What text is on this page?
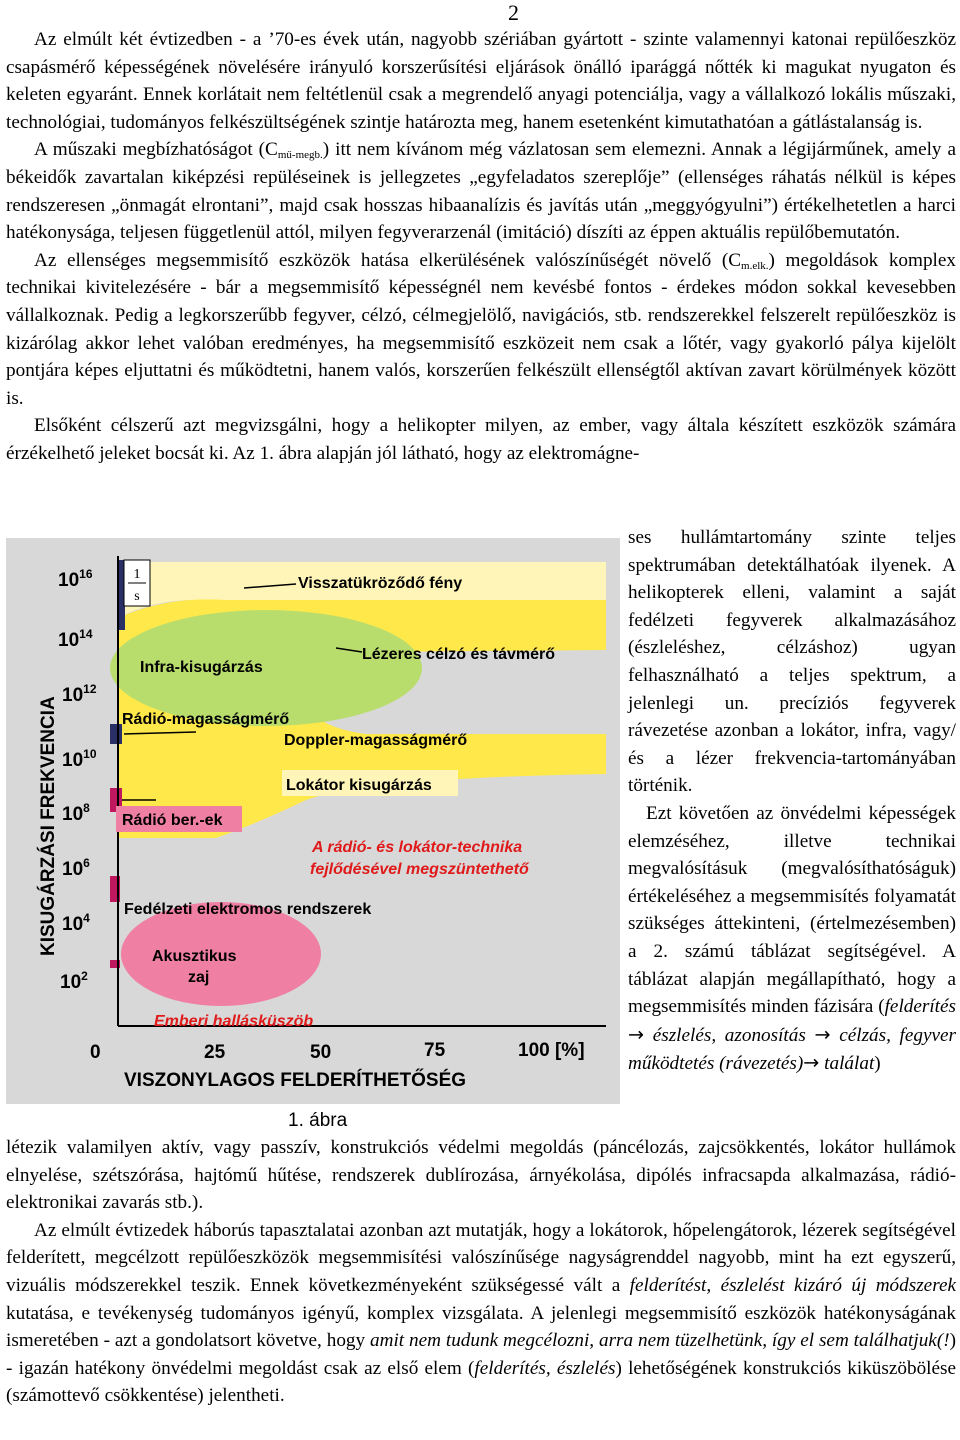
2

Az elmúlt két évtizedben - a ’70-es évek után, nagyobb szériában gyártott - szinte valamennyi katonai repülőeszköz csapásmérő képességének növelésére irányuló korszerűsítési eljárások önálló iparággá nőtték ki magukat nyugaton és keleten egyaránt. Ennek korlátait nem feltétlenül csak a megrendelő anyagi potenciálja, vagy a vállalkozó lokális műszaki, technológiai, tudományos felkészültségének szintje határozta meg, hanem esetenként kimutathatóan a gátlástalanság is.

A műszaki megbízhatóságot $(C_{mű-megb.})$ itt nem kívánom még vázlatosan sem elemezni. Annak a légijárműnek, amely a békeidők zavartalan kiképzési repüléseinek is jellegzetes „egyfeladatos szereplője” (ellenséges ráhatás nélkül is képes rendszeresen „önmagát elrontani”, majd csak hosszas hibaanalízis és javítás után „meggyógyulni”) értékelhetetlen a harci hatékonysága, teljesen függetlenül attól, milyen fegyverarzenál (imitáció) díszíti az éppen aktuális repülőbemutatón.

Az ellenséges megsemmisítő eszközök hatása elkerülésének valószínűségét növelő $(C_{m.elk.})$ megoldások komplex technikai kivitelezésére - bár a megsemmisítő képességnél nem kevésbé fontos - érdekes módon sokkal kevesebben vállalkoznak. Pedig a legkorszerűbb fegyver, célzó, célmegjelölő, navigációs, stb. rendszerekkel felszerelt repülőeszköz is kizárólag akkor lehet valóban eredményes, ha megsemmisítő eszközeit nem csak a lőtér, vagy gyakorló pálya kijelölt pontjára képes eljuttatni és működtetni, hanem valós, korszerűen felkészült ellenségtől aktívan zavart körülmények között is.

Elsőként célszerű azt megvizsgálni, hogy a helikopter milyen, az ember, vagy általa készített eszközök számára érzékelhető jeleket bocsát ki. Az 1. ábra alapján jól látható, hogy az elektromágne-

$10^{16}$
$10^{14}$
$10^{12}$
$10^{10}$
$10^8$
$10^6$
$10^4$
$10^2$
1
s
KISUGÁRZÁSI FREKVENCIA
Visszatükröződő fény
Lézeres célzó és távmérő
Infra-kisugárzás
Rádió-magasságmérő
Doppler-magasságmérő
Lokátor kisugárzás
Rádió ber.-ek
Fedélzeti elektromos rendszerek
Akusztikus
zaj
A rádió- és lokátor-technika
fejlődésével megszüntethető
Emberi hallásküszöb
0	25	50	75	100 [%]
VISZONYLAGOS FELDERÍTHETŐSÉG
1. ábra

ses hullámtartomány szinte teljes spektrumában detektálhatóak ilyenek. A helikopterek elleni, valamint a saját fedélzeti fegyverek alkalmazásához (észleléshez, célzáshoz) ugyan felhasználható a teljes spektrum, a jelenlegi un. precíziós fegyverek rávezetése azonban a lokátor, infra, vagy/és a lézer frekvencia-tartományában történik.

Ezt követően az önvédelmi képességek elemzéséhez, illetve technikai megvalósításuk (megvalósíthatóságuk) értékeléséhez a megsemmisítés folyamatát szükséges áttekinteni, (értelmezésemben) a 2. számú táblázat segítségével. A táblázat alapján megállapítható, hogy a megsemmisítés minden fázisára (felderítés → észlelés, azonosítás → célzás, fegyver működtetés (rávezetés)→ találat)

létezik valamilyen aktív, vagy passzív, konstrukciós védelmi megoldás (páncélozás, zajcsökkentés, lokátor hullámok elnyelése, szétszórása, hajtómű hűtése, rendszerek dublírozása, árnyékolása, dipólés infracsapda alkalmazása, rádió-elektronikai zavarás stb.).

Az elmúlt évtizedek háborús tapasztalatai azonban azt mutatják, hogy a lokátorok, hőpelengátorok, lézerek segítségével felderített, megcélzott repülőeszközök megsemmisítési valószínűsége nagyságrenddel nagyobb, mint ha ezt egyszerű, vizuális módszerekkel teszik. Ennek következményeként szükségessé vált a felderítést, észlelést kizáró új módszerek kutatása, e tevékenység tudományos igényű, komplex vizsgálata. A jelenlegi megsemmisítő eszközök hatékonyságának ismeretében - azt a gondolatsort követve, hogy amit nem tudunk megcélozni, arra nem tüzelhetünk, így el sem találhatjuk(!) - igazán hatékony önvédelmi megoldást csak az első elem (felderítés, észlelés) lehetőségének konstrukciós kiküszöbölése (számottevő csökkentése) jelentheti.
